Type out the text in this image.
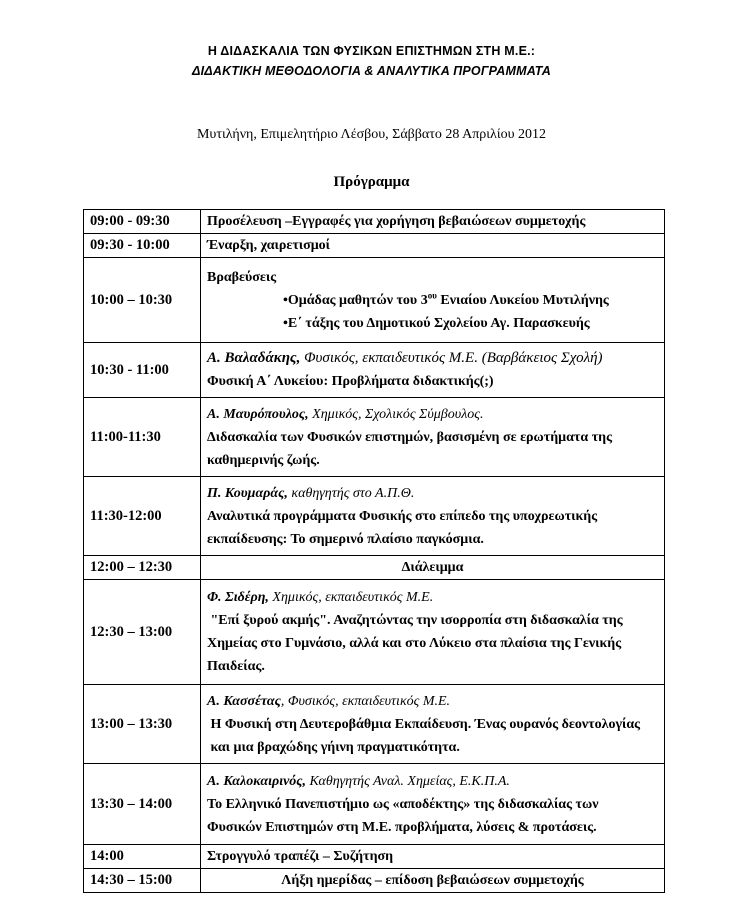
Η ΔΙΔΑΣΚΑΛΙΑ ΤΩΝ ΦΥΣΙΚΩΝ ΕΠΙΣΤΗΜΩΝ ΣΤΗ Μ.Ε.:
ΔΙΔΑΚΤΙΚΗ ΜΕΘΟΔΟΛΟΓΙΑ & ΑΝΑΛΥΤΙΚΑ ΠΡΟΓΡΑΜΜΑΤΑ
Μυτιλήνη, Επιμελητήριο Λέσβου, Σάββατο 28 Απριλίου 2012
Πρόγραμμα
09:00 - 09:30	Προσέλευση –Εγγραφές για χορήγηση βεβαιώσεων συμμετοχής
09:30 - 10:00	Έναρξη, χαιρετισμοί
10:00 – 10:30	Βραβεύσεις
•Ομάδας μαθητών του $3^{o\upsilon}$ Ενιαίου Λυκείου Μυτιλήνης
•Ε΄ τάξης του Δημοτικού Σχολείου Αγ. Παρασκευής

10:30 - 11:00	Α. Βαλαδάκης, Φυσικός, εκπαιδευτικός Μ.Ε. (Βαρβάκειος Σχολή)
Φυσική Α΄ Λυκείου: Προβλήματα διδακτικής(;)

11:00-11:30	Α. Μαυρόπουλος, Χημικός, Σχολικός Σύμβουλος.
Διδασκαλία των Φυσικών επιστημών, βασισμένη σε ερωτήματα της
καθημερινής ζωής.

11:30-12:00	Π. Κουμαράς, καθηγητής στο Α.Π.Θ.
Αναλυτικά προγράμματα Φυσικής στο επίπεδο της υποχρεωτικής
εκπαίδευσης: Το σημερινό πλαίσιο παγκόσμια.

12:00 – 12:30	Διάλειμμα
12:30 – 13:00	Φ. Σιδέρη, Χημικός, εκπαιδευτικός Μ.Ε.
"Επί ξυρού ακμής". Αναζητώντας την ισορροπία στη διδασκαλία της
Χημείας στο Γυμνάσιο, αλλά και στο Λύκειο στα πλαίσια της Γενικής
Παιδείας.

13:00 – 13:30	Α. Κασσέτας, Φυσικός, εκπαιδευτικός Μ.Ε.
Η Φυσική στη Δευτεροβάθμια Εκπαίδευση. Ένας ουρανός δεοντολογίας
και μια βραχώδης γήινη πραγματικότητα.

13:30 – 14:00	Α. Καλοκαιρινός, Καθηγητής Αναλ. Χημείας, Ε.Κ.Π.Α.
Το Ελληνικό Πανεπιστήμιο ως «αποδέκτης» της διδασκαλίας των
Φυσικών Επιστημών στη Μ.Ε. προβλήματα, λύσεις & προτάσεις.

14:00	Στρογγυλό τραπέζι – Συζήτηση
14:30 – 15:00	Λήξη ημερίδας – επίδοση βεβαιώσεων συμμετοχής
